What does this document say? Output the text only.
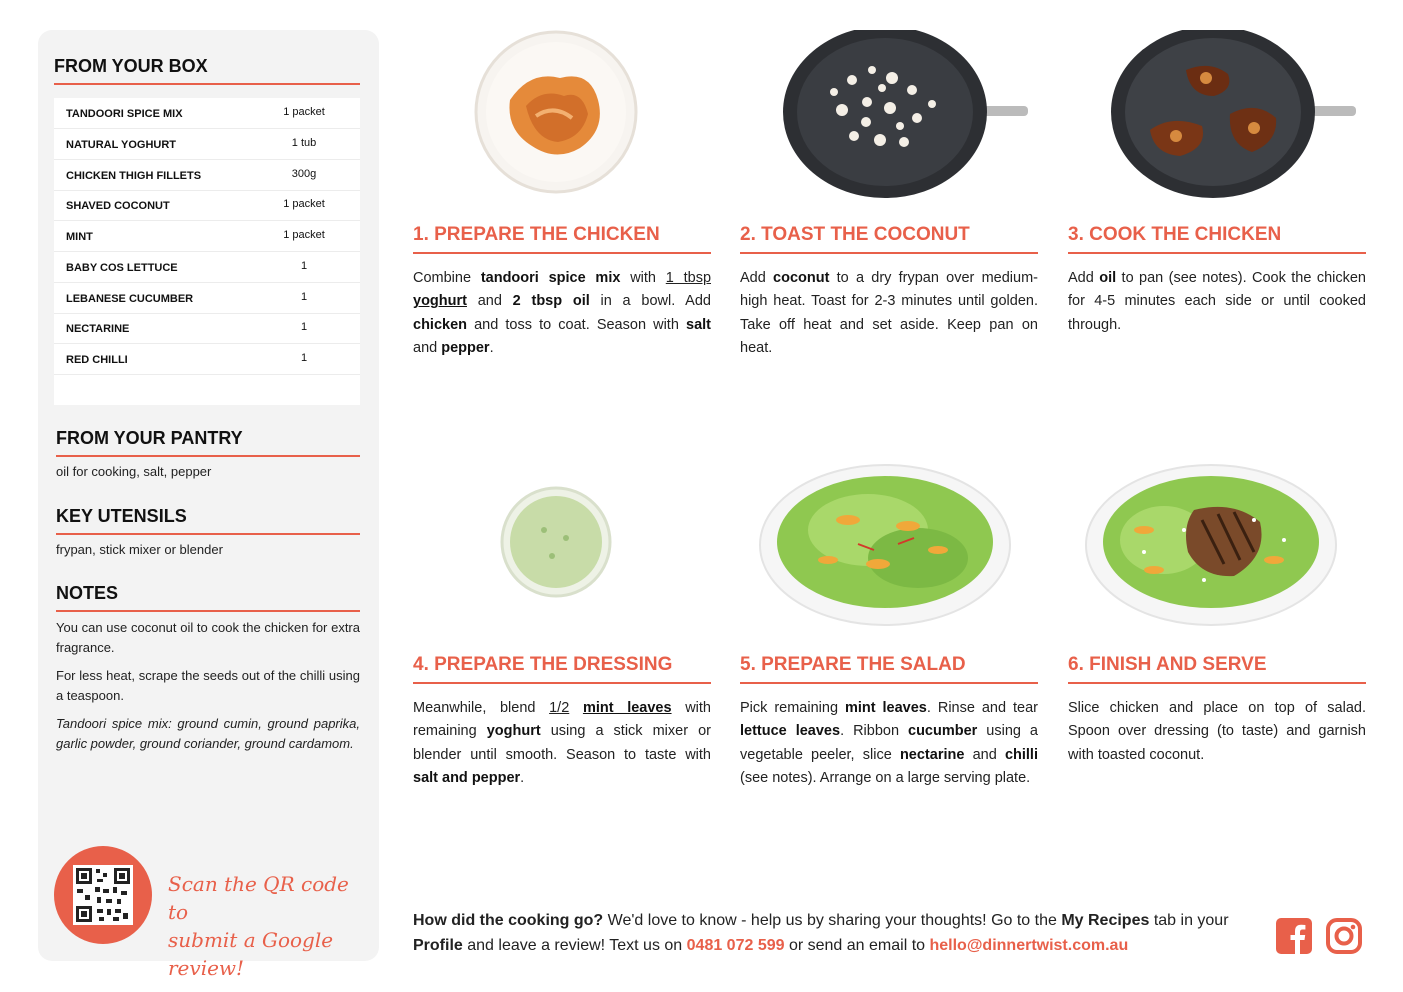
FROM YOUR BOX
TANDOORI SPICE MIX	1 packet
NATURAL YOGHURT	1 tub
CHICKEN THIGH FILLETS	300g
SHAVED COCONUT	1 packet
MINT	1 packet
BABY COS LETTUCE	1
LEBANESE CUCUMBER	1
NECTARINE	1
RED CHILLI	1
FROM YOUR PANTRY
oil for cooking, salt, pepper
KEY UTENSILS
frypan, stick mixer or blender
NOTES
You can use coconut oil to cook the chicken for extra fragrance.
For less heat, scrape the seeds out of the chilli using a teaspoon.
Tandoori spice mix: ground cumin, ground paprika, garlic powder, ground coriander, ground cardamom.
Scan the QR code to
submit a Google review!
1. PREPARE THE CHICKEN
Combine tandoori spice mix with 1 tbsp yoghurt and 2 tbsp oil in a bowl. Add chicken and toss to coat. Season with salt and pepper.
2. TOAST THE COCONUT
Add coconut to a dry frypan over medium-high heat. Toast for 2-3 minutes until golden. Take off heat and set aside. Keep pan on heat.
3. COOK THE CHICKEN
Add oil to pan (see notes). Cook the chicken for 4-5 minutes each side or until cooked through.
4. PREPARE THE DRESSING
Meanwhile, blend 1/2 mint leaves with remaining yoghurt using a stick mixer or blender until smooth. Season to taste with salt and pepper.
5. PREPARE THE SALAD
Pick remaining mint leaves. Rinse and tear lettuce leaves. Ribbon cucumber using a vegetable peeler, slice nectarine and chilli (see notes). Arrange on a large serving plate.
6. FINISH AND SERVE
Slice chicken and place on top of salad. Spoon over dressing (to taste) and garnish with toasted coconut.
How did the cooking go? We'd love to know - help us by sharing your thoughts! Go to the My Recipes tab in your Profile and leave a review! Text us on 0481 072 599 or send an email to hello@dinnertwist.com.au
